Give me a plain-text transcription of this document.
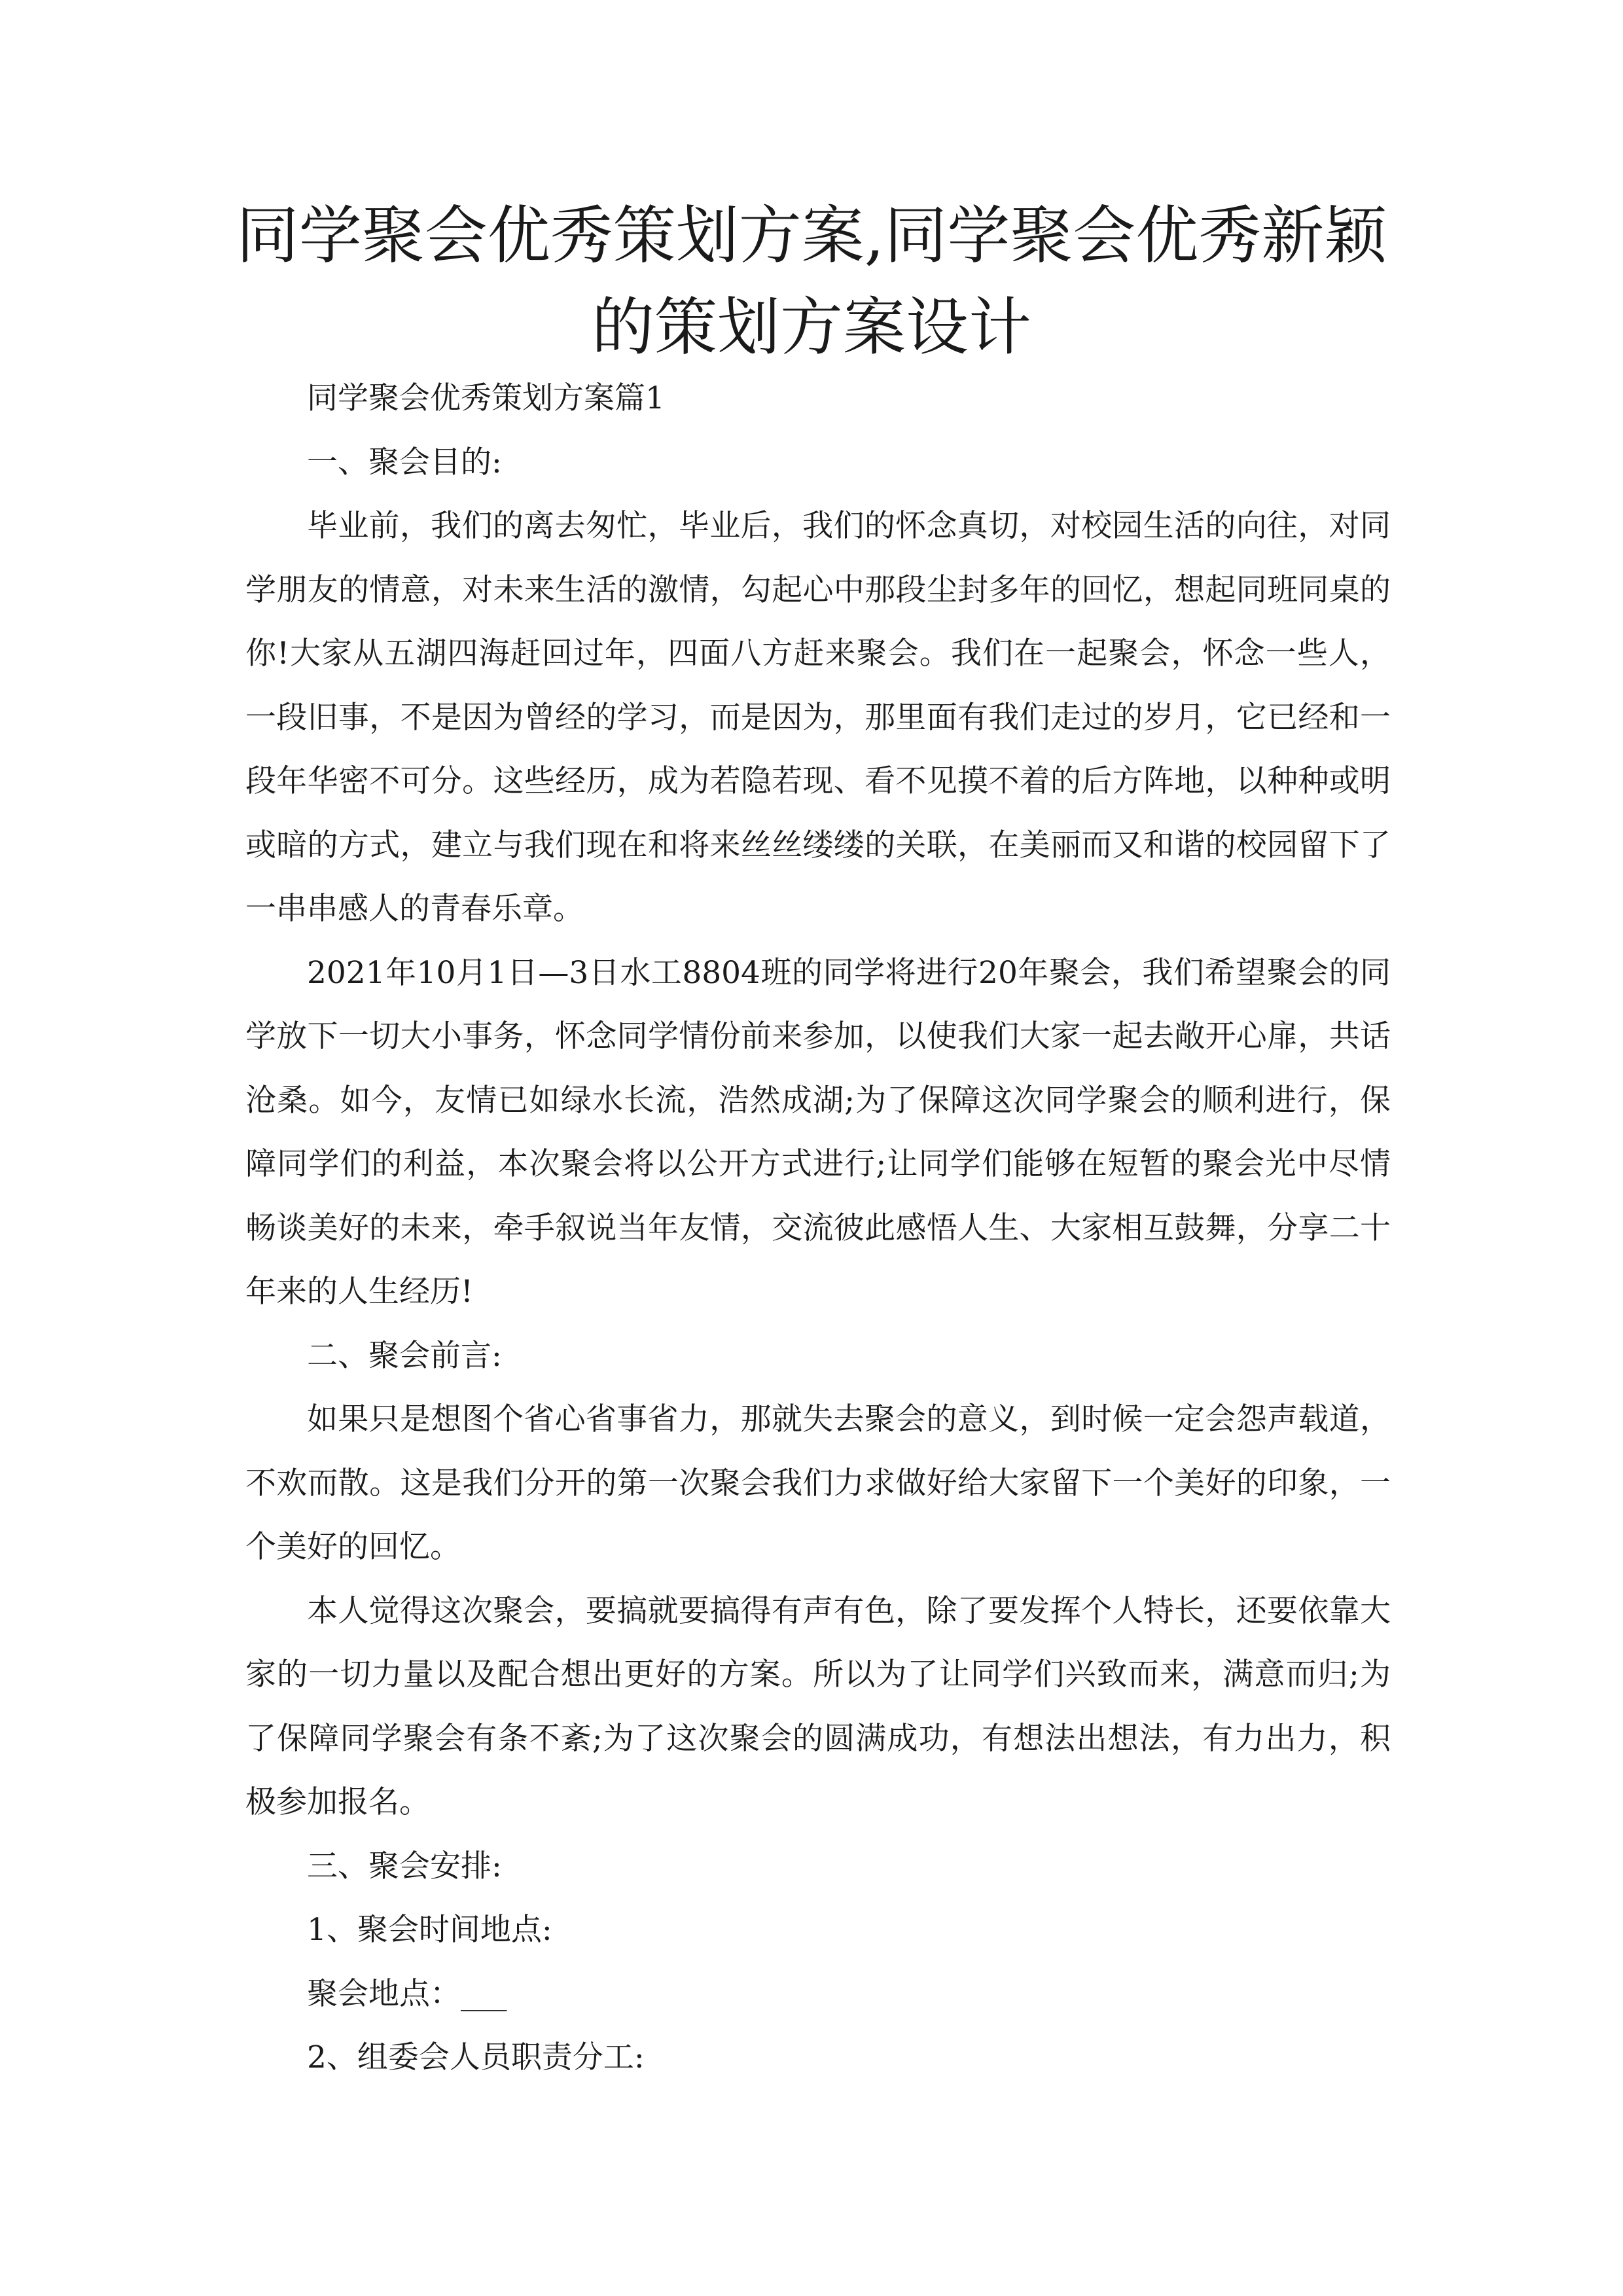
同学聚会优秀策划方案,同学聚会优秀新颖的策划方案设计

同学聚会优秀策划方案篇1

一、聚会目的:

毕业前，我们的离去匆忙，毕业后，我们的怀念真切，对校园生活的向往，对同学朋友的情意，对未来生活的激情，勾起心中那段尘封多年的回忆，想起同班同桌的你!大家从五湖四海赶回过年，四面八方赶来聚会。我们在一起聚会，怀念一些人，一段旧事，不是因为曾经的学习，而是因为，那里面有我们走过的岁月，它已经和一段年华密不可分。这些经历，成为若隐若现、看不见摸不着的后方阵地，以种种或明或暗的方式，建立与我们现在和将来丝丝缕缕的关联，在美丽而又和谐的校园留下了一串串感人的青春乐章。

2021年10月1日—3日水工8804班的同学将进行20年聚会，我们希望聚会的同学放下一切大小事务，怀念同学情份前来参加，以使我们大家一起去敞开心扉，共话沧桑。如今，友情已如绿水长流，浩然成湖;为了保障这次同学聚会的顺利进行，保障同学们的利益，本次聚会将以公开方式进行;让同学们能够在短暂的聚会光中尽情畅谈美好的未来，牵手叙说当年友情，交流彼此感悟人生、大家相互鼓舞，分享二十年来的人生经历!

二、聚会前言:

如果只是想图个省心省事省力，那就失去聚会的意义，到时候一定会怨声载道，不欢而散。这是我们分开的第一次聚会我们力求做好给大家留下一个美好的印象，一个美好的回忆。

本人觉得这次聚会，要搞就要搞得有声有色，除了要发挥个人特长，还要依靠大家的一切力量以及配合想出更好的方案。所以为了让同学们兴致而来，满意而归;为了保障同学聚会有条不紊;为了这次聚会的圆满成功，有想法出想法，有力出力，积极参加报名。

三、聚会安排:

1、聚会时间地点:

聚会地点：___

2、组委会人员职责分工:
